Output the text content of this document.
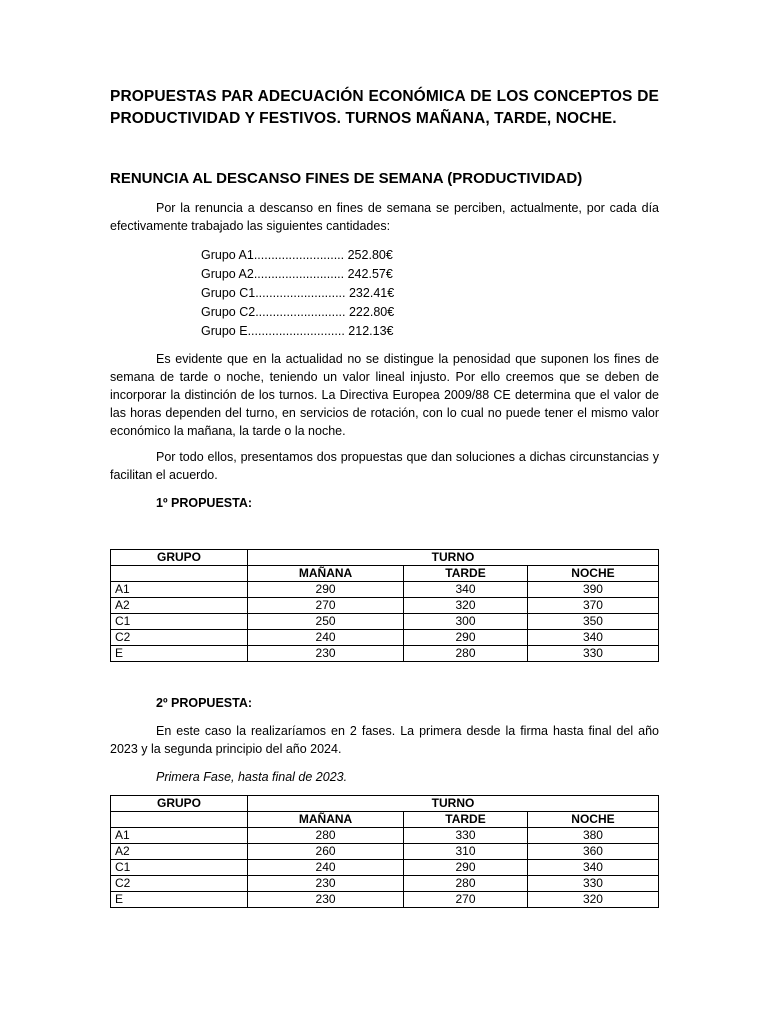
PROPUESTAS PAR ADECUACIÓN ECONÓMICA DE LOS CONCEPTOS DE PRODUCTIVIDAD Y FESTIVOS. TURNOS MAÑANA, TARDE, NOCHE.
RENUNCIA AL DESCANSO FINES DE SEMANA (PRODUCTIVIDAD)
Por la renuncia a descanso en fines de semana se perciben, actualmente, por cada día efectivamente trabajado las siguientes cantidades:
Grupo A1.......................... 252.80€
Grupo A2.......................... 242.57€
Grupo C1.......................... 232.41€
Grupo C2.......................... 222.80€
Grupo E............................ 212.13€
Es evidente que en la actualidad no se distingue la penosidad que suponen los fines de semana de tarde o noche, teniendo un valor lineal injusto. Por ello creemos que se deben de incorporar la distinción de los turnos. La Directiva Europea 2009/88 CE determina que el valor de las horas dependen del turno, en servicios de rotación, con lo cual no puede tener el mismo valor económico la mañana, la tarde o la noche.
Por todo ellos, presentamos dos propuestas que dan soluciones a dichas circunstancias y facilitan el acuerdo.
1º PROPUESTA:
GRUPO	TURNO		
	MAÑANA	TARDE	NOCHE
A1	290	340	390
A2	270	320	370
C1	250	300	350
C2	240	290	340
E	230	280	330
2º PROPUESTA:
En este caso la realizaríamos en 2 fases. La primera desde la firma hasta final del año 2023 y la segunda principio del año 2024.
Primera Fase, hasta final de 2023.
GRUPO	TURNO		
	MAÑANA	TARDE	NOCHE
A1	280	330	380
A2	260	310	360
C1	240	290	340
C2	230	280	330
E	230	270	320
